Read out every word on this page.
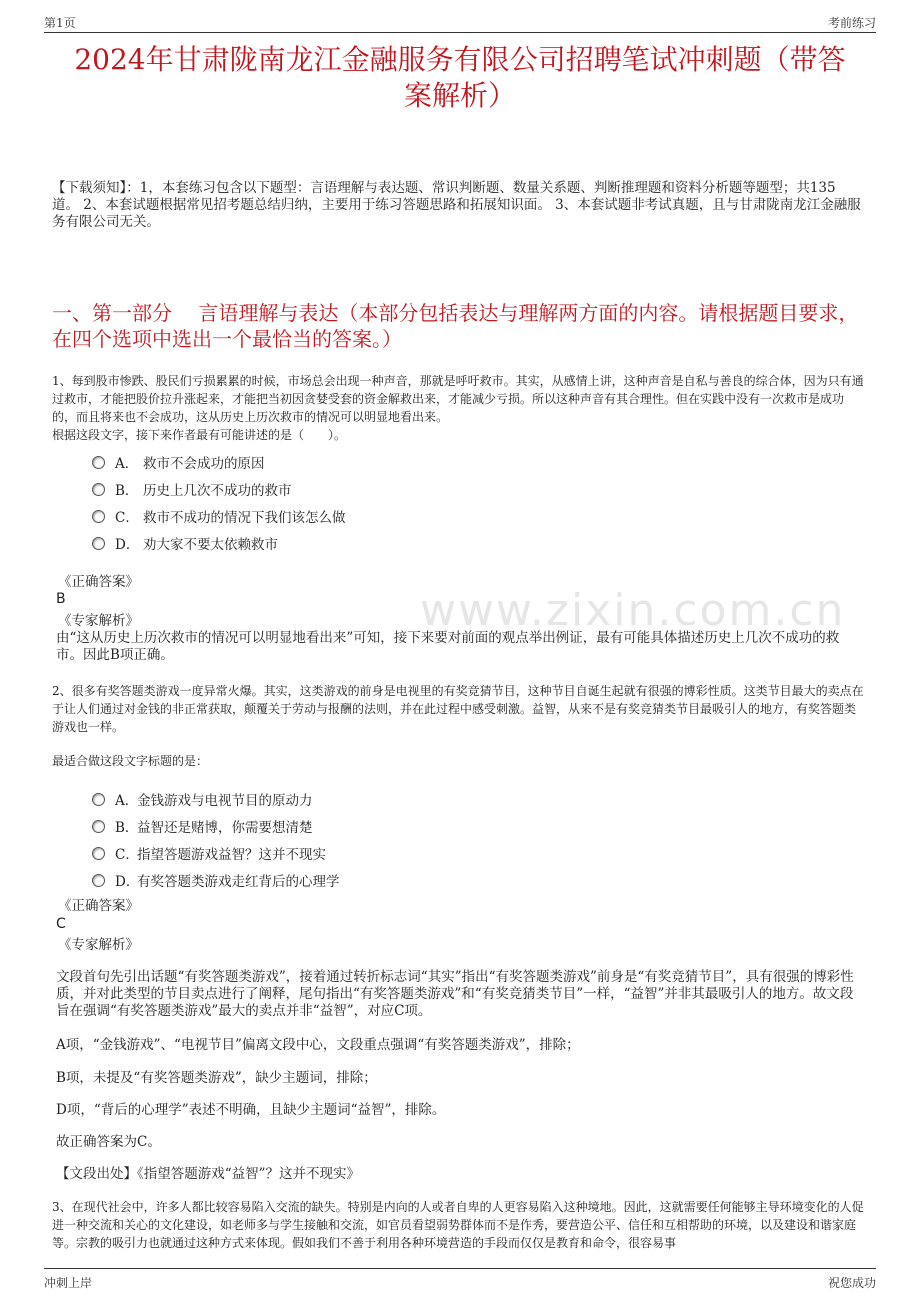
第1页	考前练习
2024年甘肃陇南龙江金融服务有限公司招聘笔试冲刺题（带答
案解析）
【下载须知】：1，本套练习包含以下题型：言语理解与表达题、常识判断题、数量关系题、判断推理题和资料分析题等题型；共135道。 2、本套试题根据常见招考题总结归纳，主要用于练习答题思路和拓展知识面。 3、本套试题非考试真题，且与甘肃陇南龙江金融服务有限公司无关。
一、第一部分　 言语理解与表达（本部分包括表达与理解两方面的内容。请根据题目要求，在四个选项中选出一个最恰当的答案。）
www.zixin.com.cn

1、每到股市惨跌、股民们亏损累累的时候，市场总会出现一种声音，那就是呼吁救市。其实，从感情上讲，这种声音是自私与善良的综合体，因为只有通过救市，才能把股价拉升涨起来，才能把当初因贪婪受套的资金解救出来，才能减少亏损。所以这种声音有其合理性。但在实践中没有一次救市是成功的，而且将来也不会成功，这从历史上历次救市的情况可以明显地看出来。

根据这段文字，接下来作者最有可能讲述的是（　　）。

A． 救市不会成功的原因
B． 历史上几次不成功的救市
C． 救市不成功的情况下我们该怎么做
D． 劝大家不要太依赖救市
《正确答案》
B
《专家解析》
由“这从历史上历次救市的情况可以明显地看出来”可知，接下来要对前面的观点举出例证，最有可能具体描述历史上几次不成功的救市。因此B项正确。

2、很多有奖答题类游戏一度异常火爆。其实，这类游戏的前身是电视里的有奖竞猜节目，这种节目自诞生起就有很强的博彩性质。这类节目最大的卖点在于让人们通过对金钱的非正常获取，颠覆关于劳动与报酬的法则，并在此过程中感受刺激。益智，从来不是有奖竞猜类节目最吸引人的地方，有奖答题类游戏也一样。

最适合做这段文字标题的是：

A．
金钱游戏与电视节目的原动力
B．
益智还是赌博，你需要想清楚
C．
指望答题游戏益智？这并不现实
D．
有奖答题类游戏走红背后的心理学
《正确答案》
C
《专家解析》
文段首句先引出话题“有奖答题类游戏”，接着通过转折标志词“其实”指出“有奖答题类游戏”前身是“有奖竞猜节目”，具有很强的博彩性质，并对此类型的节目卖点进行了阐释，尾句指出“有奖答题类游戏”和“有奖竞猜类节目”一样，“益智”并非其最吸引人的地方。故文段旨在强调“有奖答题类游戏”最大的卖点并非“益智”，对应C项。
A项，“金钱游戏”、“电视节目”偏离文段中心，文段重点强调“有奖答题类游戏”，排除；
B项，未提及“有奖答题类游戏”，缺少主题词，排除；
D项，“背后的心理学”表述不明确，且缺少主题词“益智”，排除。
故正确答案为C。
【文段出处】《指望答题游戏“益智”？这并不现实》

3、在现代社会中，许多人都比较容易陷入交流的缺失。特别是内向的人或者自卑的人更容易陷入这种境地。因此，这就需要任何能够主导环境变化的人促进一种交流和关心的文化建设，如老师多与学生接触和交流，如官员看望弱势群体而不是作秀，要营造公平、信任和互相帮助的环境，以及建设和谐家庭等。宗教的吸引力也就通过这种方式来体现。假如我们不善于利用各种环境营造的手段而仅仅是教育和命令，很容易事

冲刺上岸	祝您成功
